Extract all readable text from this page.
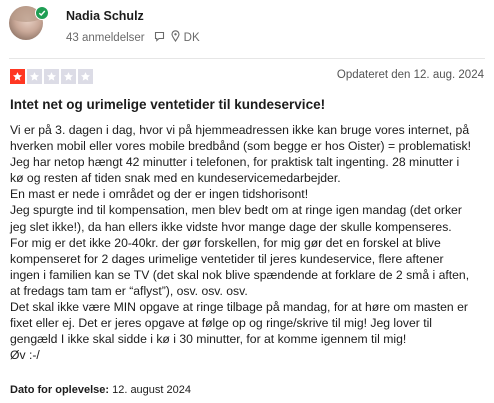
Nadia Schulz
43 anmeldelser	DK
Opdateret den 12. aug. 2024
Intet net og urimelige ventetider til kundeservice!
Vi er på 3. dagen i dag, hvor vi på hjemmeadressen ikke kan bruge vores internet, på
hverken mobil eller vores mobile bredbånd (som begge er hos Oister) = problematisk!
Jeg har netop hængt 42 minutter i telefonen, for praktisk talt ingenting. 28 minutter i
kø og resten af tiden snak med en kundeservicemedarbejder.
En mast er nede i området og der er ingen tidshorisont!
Jeg spurgte ind til kompensation, men blev bedt om at ringe igen mandag (det orker
jeg slet ikke!), da han ellers ikke vidste hvor mange dage der skulle kompenseres.
For mig er det ikke 20-40kr. der gør forskellen, for mig gør det en forskel at blive
kompenseret for 2 dages urimelige ventetider til jeres kundeservice, flere aftener
ingen i familien kan se TV (det skal nok blive spændende at forklare de 2 små i aften,
at fredags tam tam er “aflyst”), osv. osv. osv.
Det skal ikke være MIN opgave at ringe tilbage på mandag, for at høre om masten er
fixet eller ej. Det er jeres opgave at følge op og ringe/skrive til mig! Jeg lover til
gengæld I ikke skal sidde i kø i 30 minutter, for at komme igennem til mig!
Øv :-/
Dato for oplevelse: 12. august 2024
